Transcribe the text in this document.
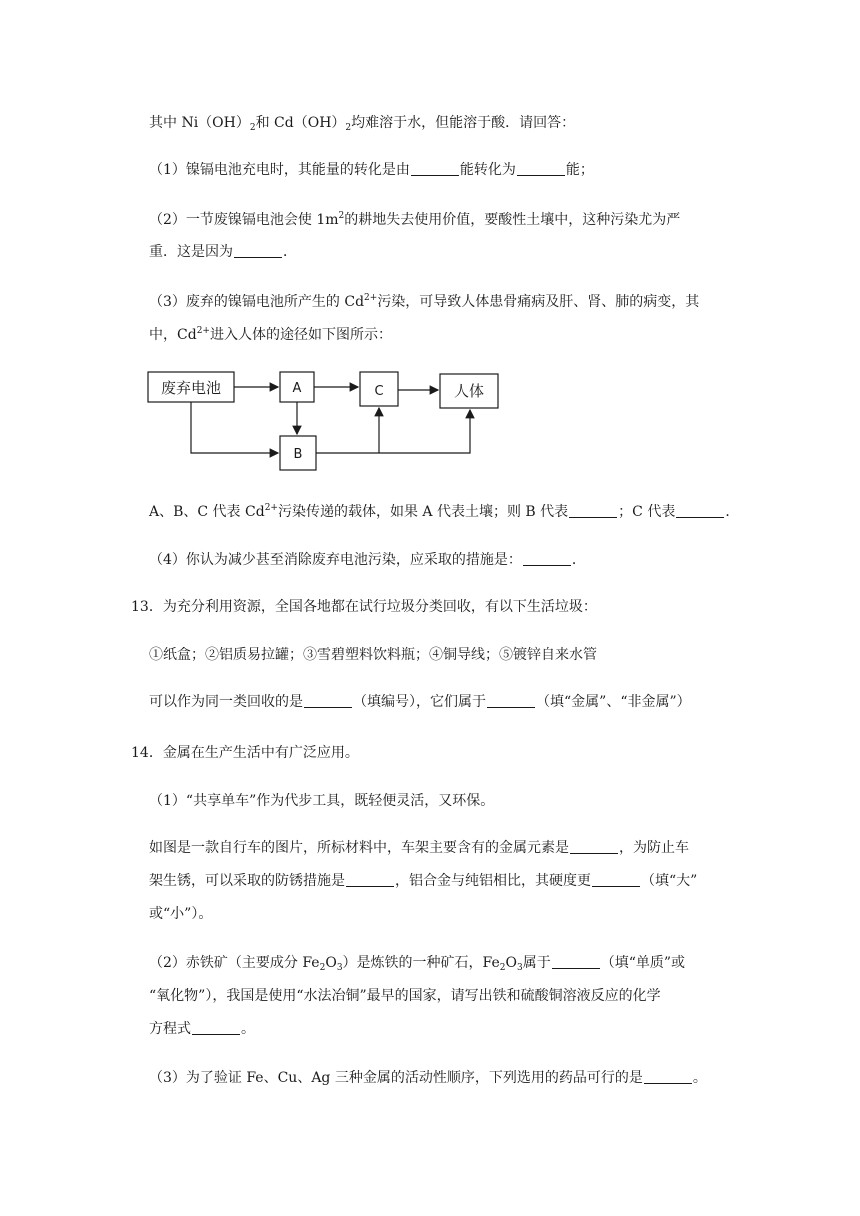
其中 $Ni(OH)_2$和 $Cd(OH)_2$均难溶于水，但能溶于酸．请回答：
（1）镍镉电池充电时，其能量的转化是由	能转化为	能；
（2）一节废镍镉电池会使 $1m^2$的耕地失去使用价值，要酸性土壤中，这种污染尤为严
重．这是因为	．
（3）废弃的镍镉电池所产生的 $Cd^{2+}$污染，可导致人体患骨痛病及肝、肾、肺的病变，其
中，$Cd^{2+}$进入人体的途径如下图所示：
废弃电池	A	C	人体
B
A、B、C 代表 $Cd^{2+}$污染传递的载体，如果 A 代表土壤；则 B 代表	；C 代表	．
（4）你认为减少甚至消除废弃电池污染，应采取的措施是：	．
13．为充分利用资源，全国各地都在试行垃圾分类回收，有以下生活垃圾：
①纸盒；②铝质易拉罐；③雪碧塑料饮料瓶；④铜导线；⑤镀锌自来水管
可以作为同一类回收的是	（填编号），它们属于	（填“金属”、“非金属”）
14．金属在生产生活中有广泛应用。
（1）“共享单车”作为代步工具，既轻便灵活，又环保。
如图是一款自行车的图片，所标材料中，车架主要含有的金属元素是	，为防止车
架生锈，可以采取的防锈措施是	，铝合金与纯铝相比，其硬度更	（填“大”
或“小”）。
（2）赤铁矿（主要成分 $Fe_2O_3$）是炼铁的一种矿石，$Fe_2O_3$属于	（填“单质”或
“氧化物”），我国是使用“水法冶铜”最早的国家，请写出铁和硫酸铜溶液反应的化学
方程式	。
（3）为了验证 Fe、Cu、Ag 三种金属的活动性顺序，下列选用的药品可行的是	。
